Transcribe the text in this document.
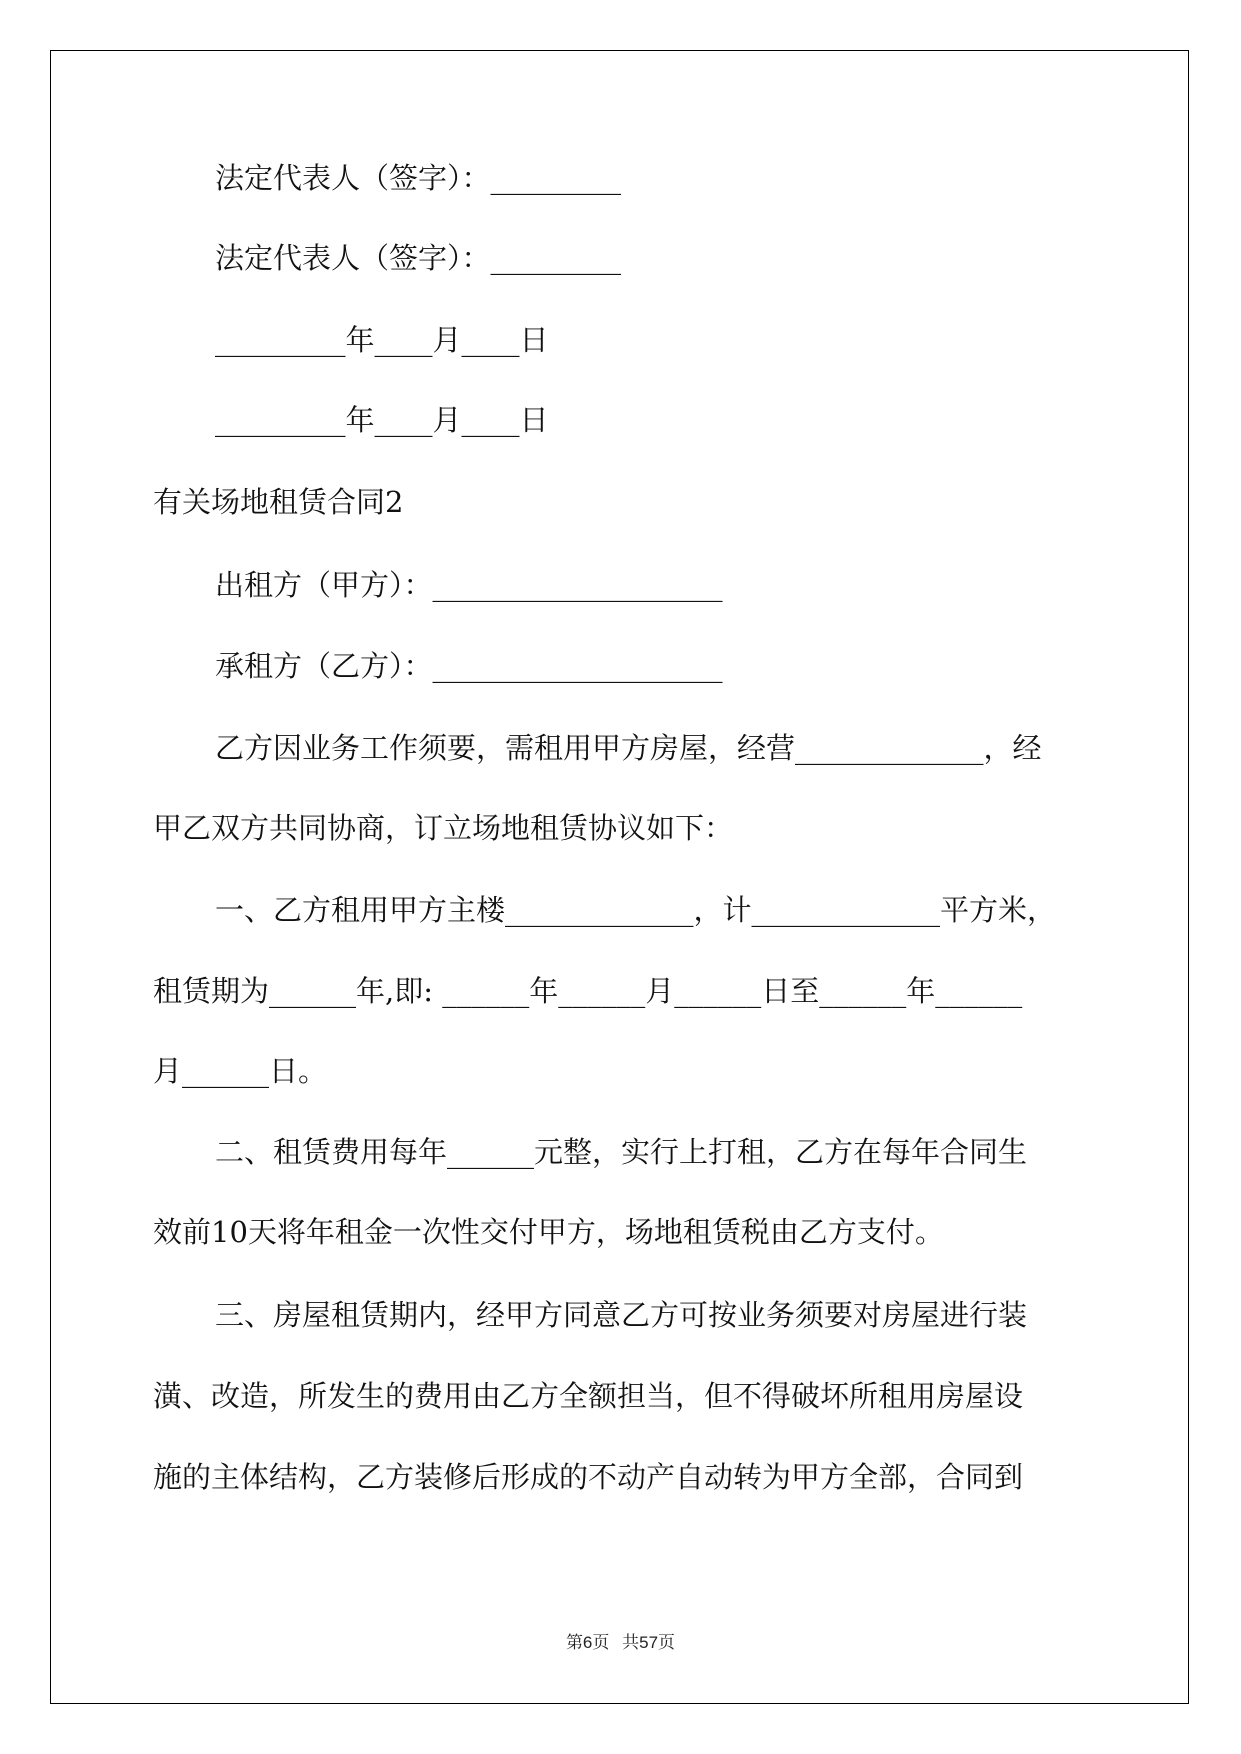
法定代表人（签字）：_________
法定代表人（签字）：_________
_________年____月____日
_________年____月____日
有关场地租赁合同2
出租方（甲方）：____________________
承租方（乙方）：____________________
乙方因业务工作须要，需租用甲方房屋，经营_____________，经
甲乙双方共同协商，订立场地租赁协议如下：
一、乙方租用甲方主楼_____________，计_____________平方米，
租赁期为______年,即: ______年______月______日至______年______
月______日。
二、租赁费用每年______元整，实行上打租，乙方在每年合同生
效前10天将年租金一次性交付甲方，场地租赁税由乙方支付。
三、房屋租赁期内，经甲方同意乙方可按业务须要对房屋进行装
潢、改造，所发生的费用由乙方全额担当，但不得破坏所租用房屋设
施的主体结构，乙方装修后形成的不动产自动转为甲方全部，合同到
第6页 共57页
